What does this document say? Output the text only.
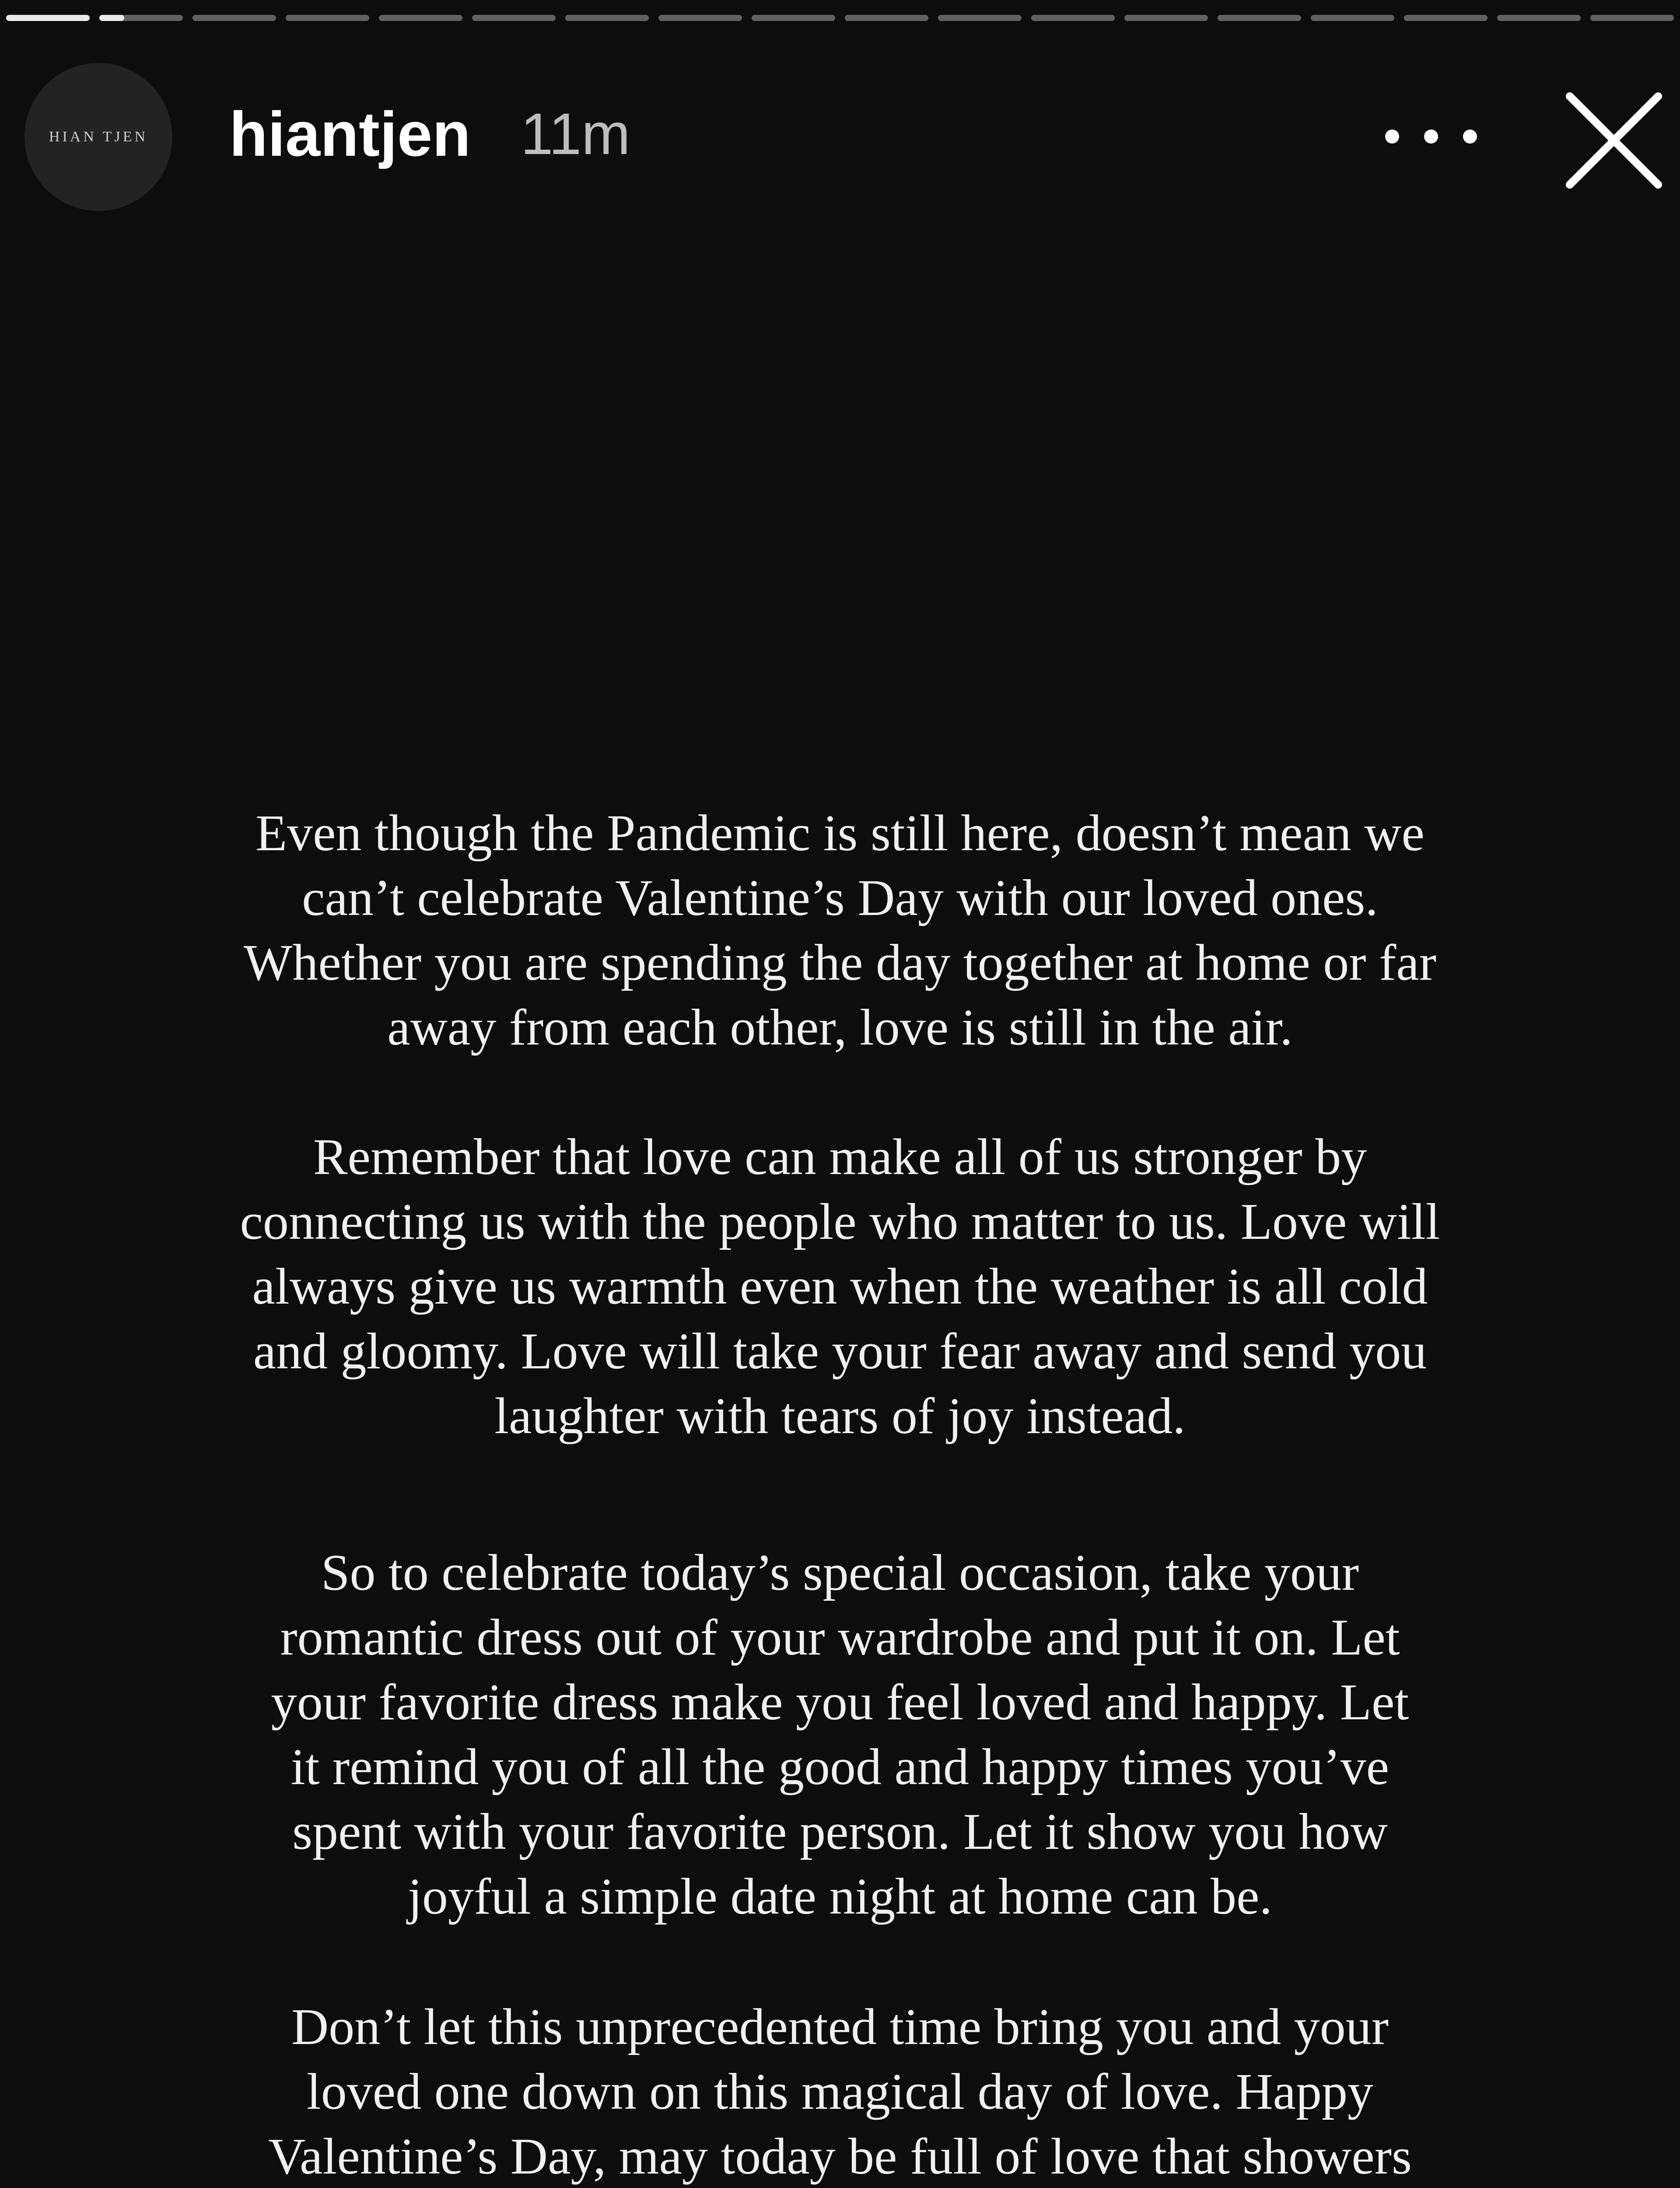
HIAN TJEN hiantjen 11m

Even though the Pandemic is still here, doesn’t mean we
can’t celebrate Valentine’s Day with our loved ones.
Whether you are spending the day together at home or far
away from each other, love is still in the air.

Remember that love can make all of us stronger by
connecting us with the people who matter to us. Love will
always give us warmth even when the weather is all cold
and gloomy. Love will take your fear away and send you
laughter with tears of joy instead.

So to celebrate today’s special occasion, take your
romantic dress out of your wardrobe and put it on. Let
your favorite dress make you feel loved and happy. Let
it remind you of all the good and happy times you’ve
spent with your favorite person. Let it show you how
joyful a simple date night at home can be.

Don’t let this unprecedented time bring you and your
loved one down on this magical day of love. Happy
Valentine’s Day, may today be full of love that showers
